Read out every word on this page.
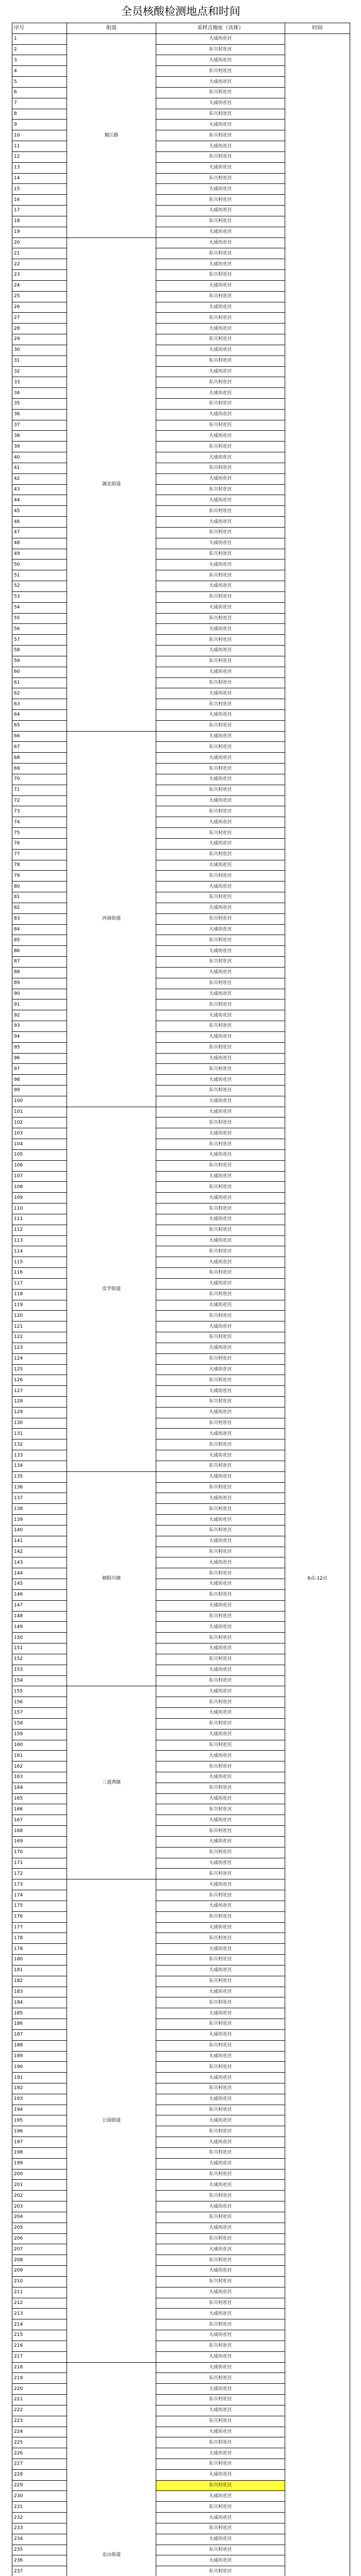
全员核酸检测地点和时间
序号	街道	采样点地址（具体）	时间
1	镇江路	大成坊社区	6点-12点
2		东兴村社区	
3		大成坊社区	
4		东兴村社区	
5		大成坊社区	
6		东兴村社区	
7		大成坊社区	
8		东兴村社区	
9		大成坊社区	
10		东兴村社区	
11		大成坊社区	
12		东兴村社区	
13		大成坊社区	
14		东兴村社区	
15		大成坊社区	
16		东兴村社区	
17		大成坊社区	
18		东兴村社区	
19		大成坊社区	
20	湖北街道	大成坊社区	
21		东兴村社区	
22		大成坊社区	
23		东兴村社区	
24		大成坊社区	
25		东兴村社区	
26		大成坊社区	
27		东兴村社区	
28		大成坊社区	
29		东兴村社区	
30		大成坊社区	
31		东兴村社区	
32		大成坊社区	
33		东兴村社区	
34		大成坊社区	
35		东兴村社区	
36		大成坊社区	
37		东兴村社区	
38		大成坊社区	
39		东兴村社区	
40		大成坊社区	
41		东兴村社区	
42		大成坊社区	
43		东兴村社区	
44		大成坊社区	
45		东兴村社区	
46		大成坊社区	
47		东兴村社区	
48		大成坊社区	
49		东兴村社区	
50		大成坊社区	
51		东兴村社区	
52		大成坊社区	
53		东兴村社区	
54		大成坊社区	
55		东兴村社区	
56		大成坊社区	
57		东兴村社区	
58		大成坊社区	
59		东兴村社区	
60		大成坊社区	
61		东兴村社区	
62		大成坊社区	
63		东兴村社区	
64		大成坊社区	
65		东兴村社区	
66	河南街道	大成坊社区	
67		东兴村社区	
68		大成坊社区	
69		东兴村社区	
70		大成坊社区	
71		东兴村社区	
72		大成坊社区	
73		东兴村社区	
74		大成坊社区	
75		东兴村社区	
76		大成坊社区	
77		东兴村社区	
78		大成坊社区	
79		东兴村社区	
80		大成坊社区	
81		东兴村社区	
82		大成坊社区	
83		东兴村社区	
84		大成坊社区	
85		东兴村社区	
86		大成坊社区	
87		东兴村社区	
88		大成坊社区	
89		东兴村社区	
90		大成坊社区	
91		东兴村社区	
92		大成坊社区	
93		东兴村社区	
94		大成坊社区	
95		东兴村社区	
96		大成坊社区	
97		东兴村社区	
98		大成坊社区	
99		东兴村社区	
100		大成坊社区	
101	皮学街道	大成坊社区	
102		东兴村社区	
103		大成坊社区	
104		东兴村社区	
105		大成坊社区	
106		东兴村社区	
107		大成坊社区	
108		东兴村社区	
109		大成坊社区	
110		东兴村社区	
111		大成坊社区	
112		东兴村社区	
113		大成坊社区	
114		东兴村社区	
115		大成坊社区	
116		东兴村社区	
117		大成坊社区	
118		东兴村社区	
119		大成坊社区	
120		东兴村社区	
121		大成坊社区	
122		东兴村社区	
123		大成坊社区	
124		东兴村社区	
125		大成坊社区	
126		东兴村社区	
127		大成坊社区	
128		东兴村社区	
129		大成坊社区	
130		东兴村社区	
131		大成坊社区	
132		东兴村社区	
133		大成坊社区	
134		东兴村社区	
135	朝阳川镇	大成坊社区	
136		东兴村社区	
137		大成坊社区	
138		东兴村社区	
139		大成坊社区	
140		东兴村社区	
141		大成坊社区	
142		东兴村社区	
143		大成坊社区	
144		东兴村社区	
145		大成坊社区	
146		东兴村社区	
147		大成坊社区	
148		东兴村社区	
149		大成坊社区	
150		东兴村社区	
151		大成坊社区	
152		东兴村社区	
153		大成坊社区	
154		东兴村社区	
155	三道湾镇	大成坊社区	
156		东兴村社区	
157		大成坊社区	
158		东兴村社区	
159		大成坊社区	
160		东兴村社区	
161		大成坊社区	
162		东兴村社区	
163		大成坊社区	
164		东兴村社区	
165		大成坊社区	
166		东兴村社区	
167		大成坊社区	
168		东兴村社区	
169		大成坊社区	
170		东兴村社区	
171		大成坊社区	
172		东兴村社区	
173	公园街道	大成坊社区	
174		东兴村社区	
175		大成坊社区	
176		东兴村社区	
177		大成坊社区	
178		东兴村社区	
179		大成坊社区	
180		东兴村社区	
181		大成坊社区	
182		东兴村社区	
183		大成坊社区	
184		东兴村社区	
185		大成坊社区	
186		东兴村社区	
187		大成坊社区	
188		东兴村社区	
189		大成坊社区	
190		东兴村社区	
191		大成坊社区	
192		东兴村社区	
193		大成坊社区	
194		东兴村社区	
195		大成坊社区	
196		东兴村社区	
197		大成坊社区	
198		东兴村社区	
199		大成坊社区	
200		东兴村社区	
201		大成坊社区	
202		东兴村社区	
203		大成坊社区	
204		东兴村社区	
205		大成坊社区	
206		东兴村社区	
207		大成坊社区	
208		东兴村社区	
209		大成坊社区	
210		东兴村社区	
211		大成坊社区	
212		东兴村社区	
213		大成坊社区	
214		东兴村社区	
215		大成坊社区	
216		东兴村社区	
217		大成坊社区	
218	北山街道	大成坊社区	
219		东兴村社区	
220		大成坊社区	
221		东兴村社区	
222		大成坊社区	
223		东兴村社区	
224		大成坊社区	
225		东兴村社区	
226		大成坊社区	
227		东兴村社区	
228		大成坊社区	
229		东兴村社区	
230		大成坊社区	
231		东兴村社区	
232		大成坊社区	
233		东兴村社区	
234		大成坊社区	
235		东兴村社区	
236		大成坊社区	
237		东兴村社区	
